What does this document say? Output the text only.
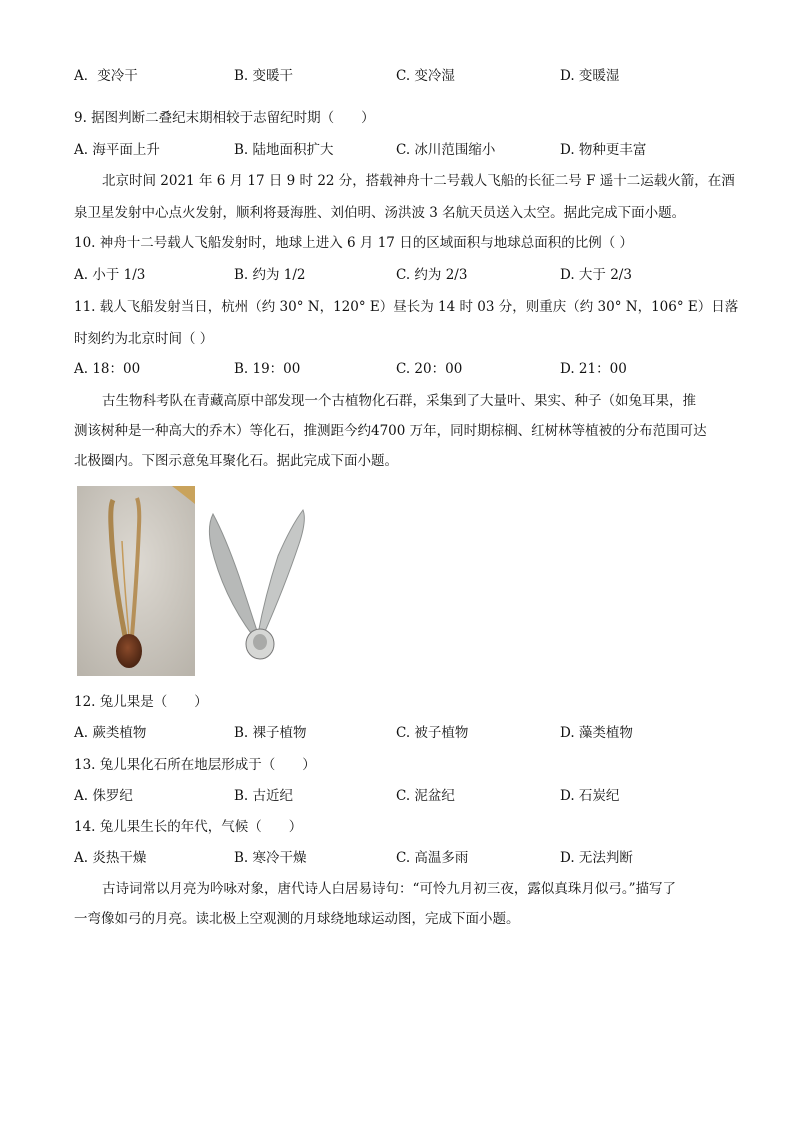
A．变冷干	B. 变暖干	C. 变冷湿	D. 变暖湿
9. 据图判断二叠纪末期相较于志留纪时期（　　）
A. 海平面上升	B. 陆地面积扩大	C. 冰川范围缩小	D. 物种更丰富
北京时间 2021 年 6 月 17 日 9 时 22 分，搭载神舟十二号载人飞船的长征二号 F 遥十二运载火箭，在酒
泉卫星发射中心点火发射，顺利将聂海胜、刘伯明、汤洪波 3 名航天员送入太空。据此完成下面小题。
10. 神舟十二号载人飞船发射时，地球上进入 6 月 17 日的区域面积与地球总面积的比例（ ）
A. 小于 1/3	B. 约为 1/2	C. 约为 2/3	D. 大于 2/3
11. 载人飞船发射当日，杭州（约 30° N，120° E）昼长为 14 时 03 分，则重庆（约 30° N，106° E）日落
时刻约为北京时间（ ）
A. 18：00	B. 19：00	C. 20：00	D. 21：00
古生物科考队在青藏高原中部发现一个古植物化石群，采集到了大量叶、果实、种子（如兔耳果，推
测该树种是一种高大的乔木）等化石，推测距今约4700 万年，同时期棕榈、红树林等植被的分布范围可达
北极圈内。下图示意兔耳聚化石。据此完成下面小题。
12. 兔儿果是（　　）
A. 蕨类植物	B. 裸子植物	C. 被子植物	D. 藻类植物
13. 兔儿果化石所在地层形成于（　　）
A. 侏罗纪	B. 古近纪	C. 泥盆纪	D. 石炭纪
14. 兔儿果生长的年代，气候（　　）
A. 炎热干燥	B. 寒冷干燥	C. 高温多雨	D. 无法判断
古诗词常以月亮为吟咏对象，唐代诗人白居易诗句：“可怜九月初三夜，露似真珠月似弓。”描写了
一弯像如弓的月亮。读北极上空观测的月球绕地球运动图，完成下面小题。
